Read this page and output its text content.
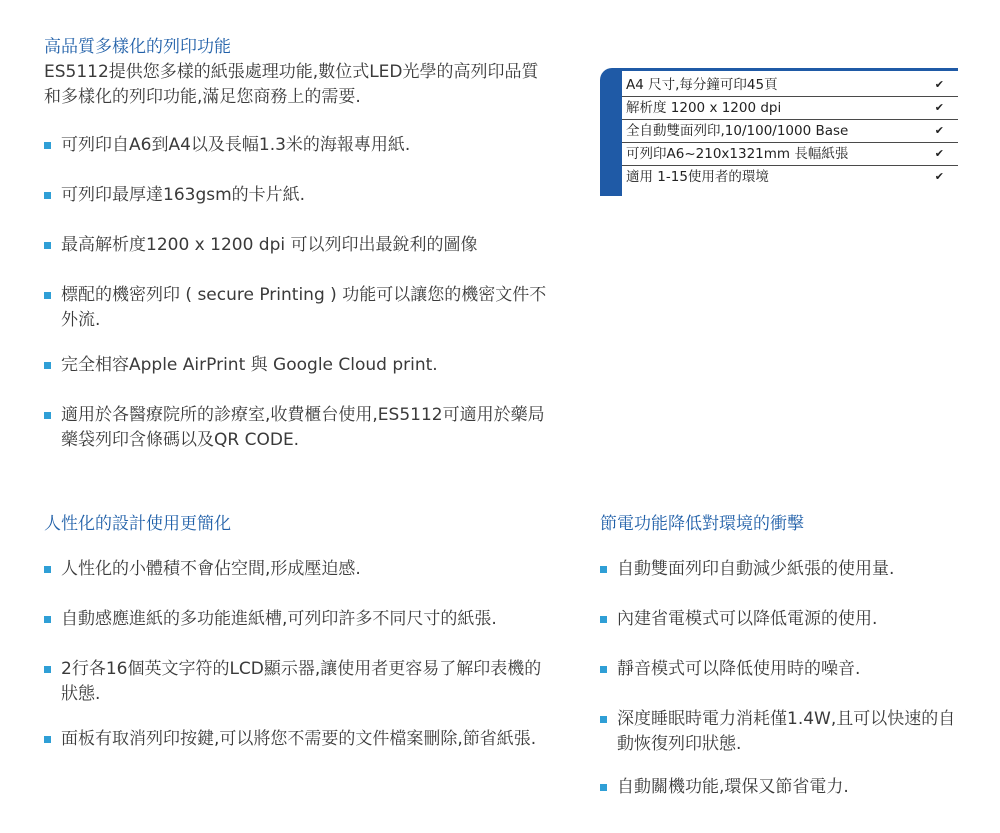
高品質多樣化的列印功能

ES5112提供您多樣的紙張處理功能,數位式LED光學的高列印品質和多樣化的列印功能,滿足您商務上的需要.

可列印自A6到A4以及長幅1.3米的海報專用紙.
可列印最厚達163gsm的卡片紙.
最高解析度1200 x 1200 dpi 可以列印出最銳利的圖像
標配的機密列印 ( secure Printing ) 功能可以讓您的機密文件不外流.
完全相容Apple AirPrint 與 Google Cloud print.
適用於各醫療院所的診療室,收費櫃台使用,ES5112可適用於藥局藥袋列印含條碼以及QR CODE.
A4 尺寸,每分鐘可印45頁	✔
解析度 1200 x 1200 dpi	✔
全自動雙面列印,10/100/1000 Base	✔
可列印A6~210x1321mm 長幅紙張	✔
適用 1-15使用者的環境	✔
人性化的設計使用更簡化
人性化的小體積不會佔空間,形成壓迫感.
自動感應進紙的多功能進紙槽,可列印許多不同尺寸的紙張.
2行各16個英文字符的LCD顯示器,讓使用者更容易了解印表機的狀態.
面板有取消列印按鍵,可以將您不需要的文件檔案刪除,節省紙張.
節電功能降低對環境的衝擊
自動雙面列印自動減少紙張的使用量.
內建省電模式可以降低電源的使用.
靜音模式可以降低使用時的噪音.
深度睡眠時電力消耗僅1.4W,且可以快速的自動恢復列印狀態.
自動關機功能,環保又節省電力.
